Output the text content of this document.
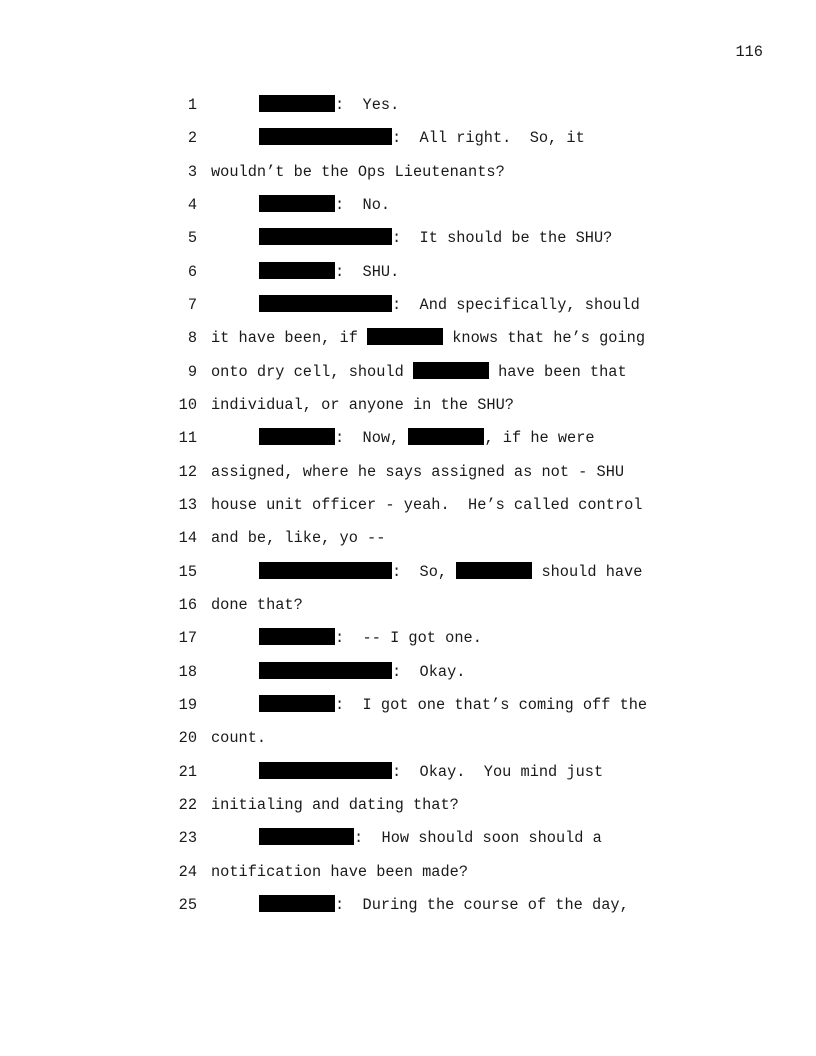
116

1

	:  Yes.

2

	:  All right.  So, it

3

wouldn’t be the Ops Lieutenants?

4

	:  No.

5

	:  It should be the SHU?

6

	:  SHU.

7

	:  And specifically, should

8

it have been, if	knows that he’s going

9

onto dry cell, should	have been that

10

individual, or anyone in the SHU?

11

	:  Now,	, if he were

12

assigned, where he says assigned as not - SHU

13

house unit officer - yeah.  He’s called control

14

and be, like, yo --

15

	:  So,	should have

16

done that?

17

	:  -- I got one.

18

	:  Okay.

19

	:  I got one that’s coming off the

20

count.

21

	:  Okay.  You mind just

22

initialing and dating that?

23

	:  How should soon should a

24

notification have been made?

25

	:  During the course of the day,
